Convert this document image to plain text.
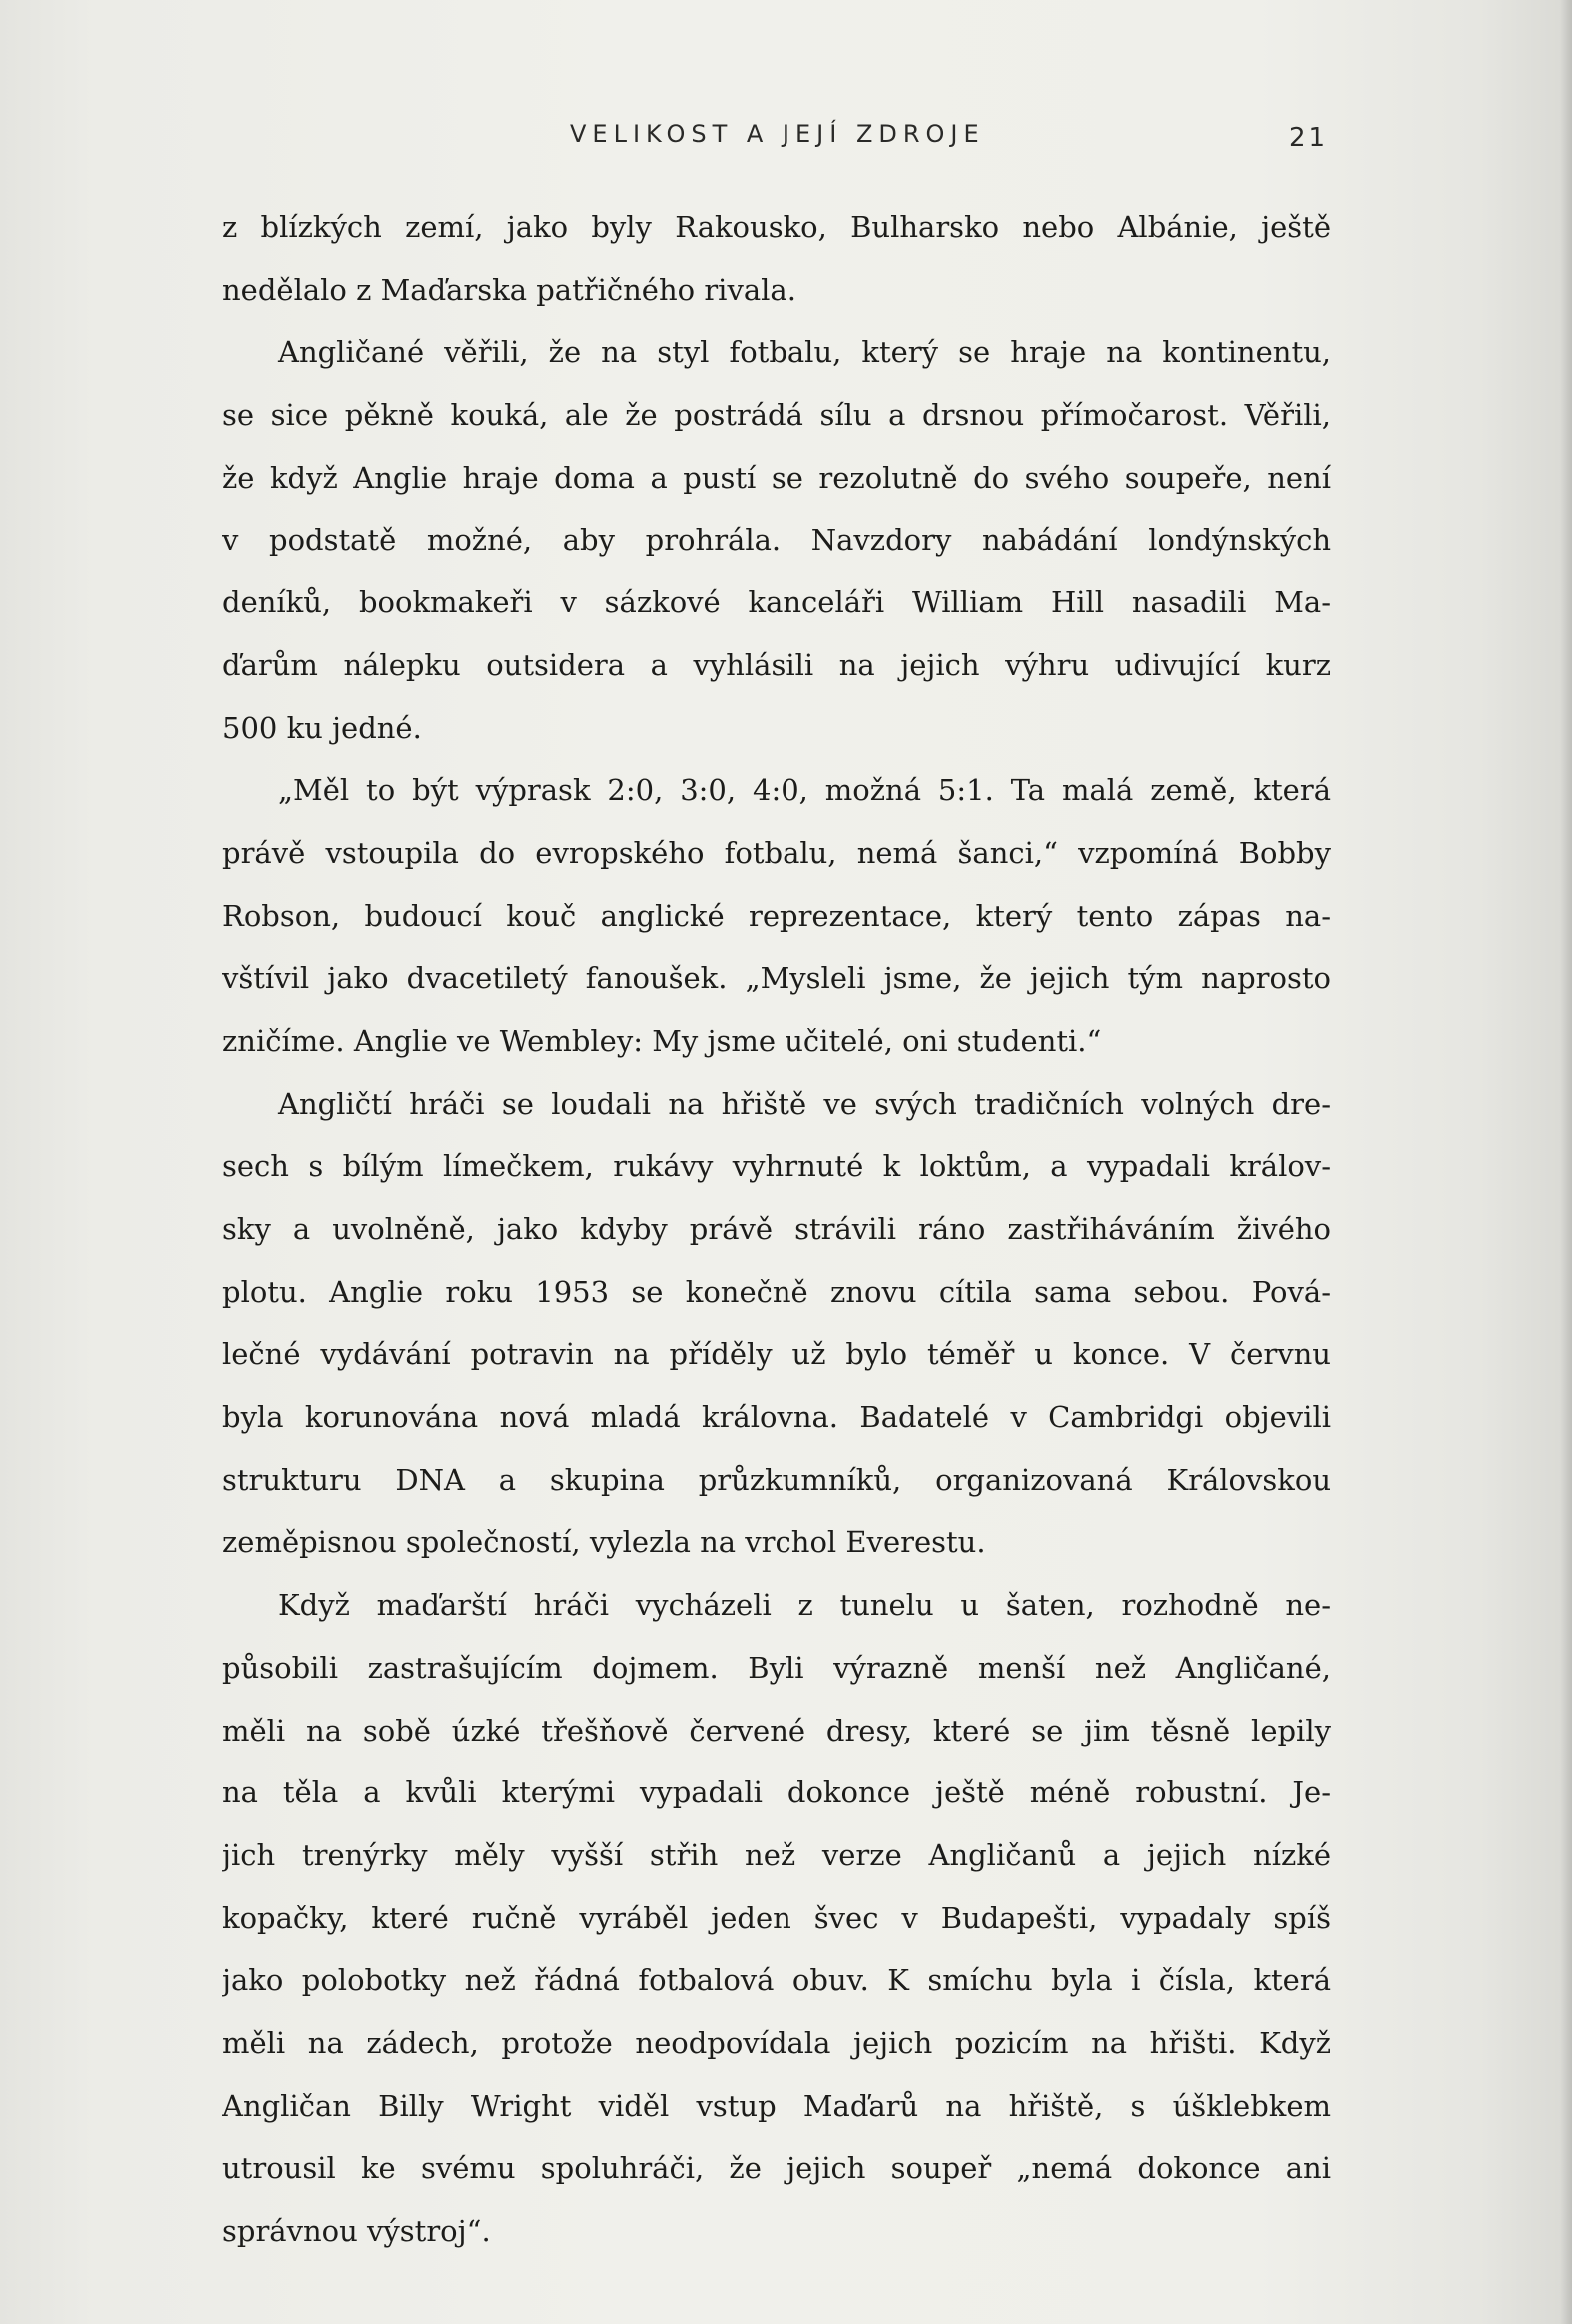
VELIKOST A JEJÍ ZDROJE	21
z blízkých zemí, jako byly Rakousko, Bulharsko nebo Albánie, ještě
nedělalo z Maďarska patřičného rivala.
Angličané věřili, že na styl fotbalu, který se hraje na kontinentu,
se sice pěkně kouká, ale že postrádá sílu a drsnou přímočarost. Věřili,
že když Anglie hraje doma a pustí se rezolutně do svého soupeře, není
v podstatě možné, aby prohrála. Navzdory nabádání londýnských
deníků, bookmakeři v sázkové kanceláři William Hill nasadili Ma-
ďarům nálepku outsidera a vyhlásili na jejich výhru udivující kurz
500 ku jedné.
„Měl to být výprask 2:0, 3:0, 4:0, možná 5:1. Ta malá země, která
právě vstoupila do evropského fotbalu, nemá šanci,“ vzpomíná Bobby
Robson, budoucí kouč anglické reprezentace, který tento zápas na-
vštívil jako dvacetiletý fanoušek. „Mysleli jsme, že jejich tým naprosto
zničíme. Anglie ve Wembley: My jsme učitelé, oni studenti.“
Angličtí hráči se loudali na hřiště ve svých tradičních volných dre-
sech s bílým límečkem, rukávy vyhrnuté k loktům, a vypadali králov-
sky a uvolněně, jako kdyby právě strávili ráno zastřiháváním živého
plotu. Anglie roku 1953 se konečně znovu cítila sama sebou. Pová-
lečné vydávání potravin na příděly už bylo téměř u konce. V červnu
byla korunována nová mladá královna. Badatelé v Cambridgi objevili
strukturu DNA a skupina průzkumníků, organizovaná Královskou
zeměpisnou společností, vylezla na vrchol Everestu.
Když maďarští hráči vycházeli z tunelu u šaten, rozhodně ne-
působili zastrašujícím dojmem. Byli výrazně menší než Angličané,
měli na sobě úzké třešňově červené dresy, které se jim těsně lepily
na těla a kvůli kterými vypadali dokonce ještě méně robustní. Je-
jich trenýrky měly vyšší střih než verze Angličanů a jejich nízké
kopačky, které ručně vyráběl jeden švec v Budapešti, vypadaly spíš
jako polobotky než řádná fotbalová obuv. K smíchu byla i čísla, která
měli na zádech, protože neodpovídala jejich pozicím na hřišti. Když
Angličan Billy Wright viděl vstup Maďarů na hřiště, s úšklebkem
utrousil ke svému spoluhráči, že jejich soupeř „nemá dokonce ani
správnou výstroj“.
